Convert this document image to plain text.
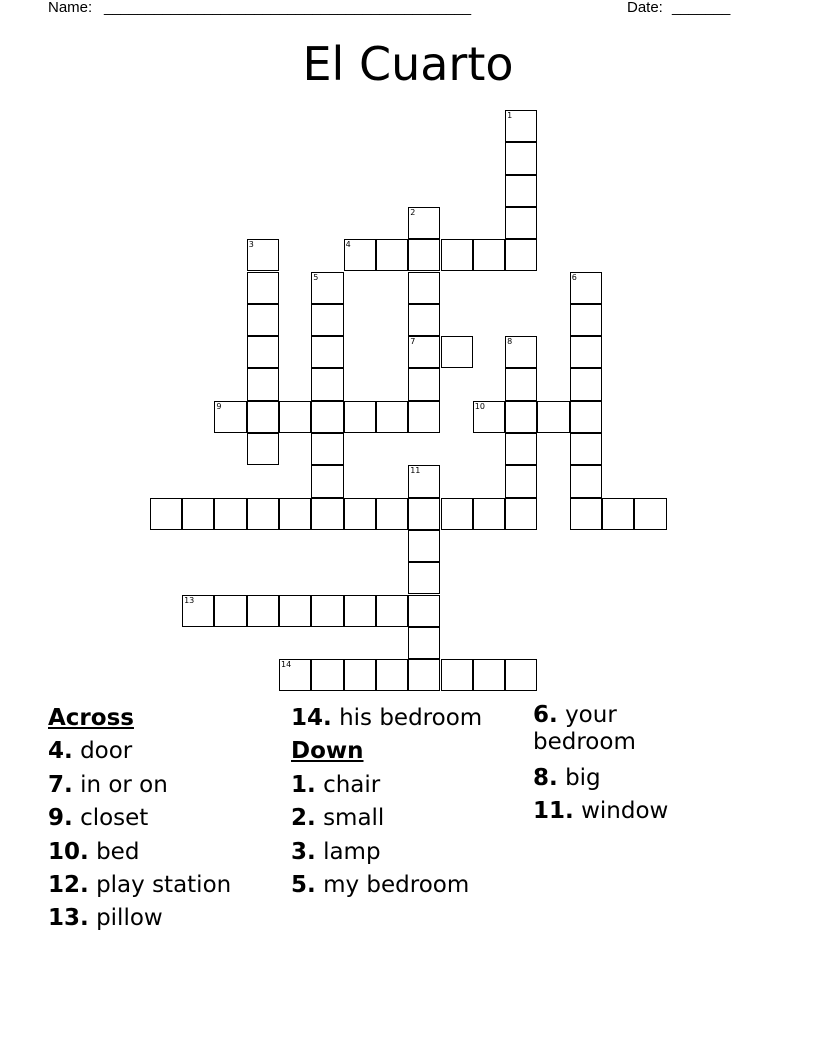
Name: ____________________________________________	Date: _______
El Cuarto
1
2
7
3	4
5	6
8
9	10
11
13
14
Across
4. door
7. in or on
9. closet
10. bed
12. play station
13. pillow
14. his bedroom
Down
1. chair
2. small
3. lamp
5. my bedroom
6. your bedroom
8. big
11. window
